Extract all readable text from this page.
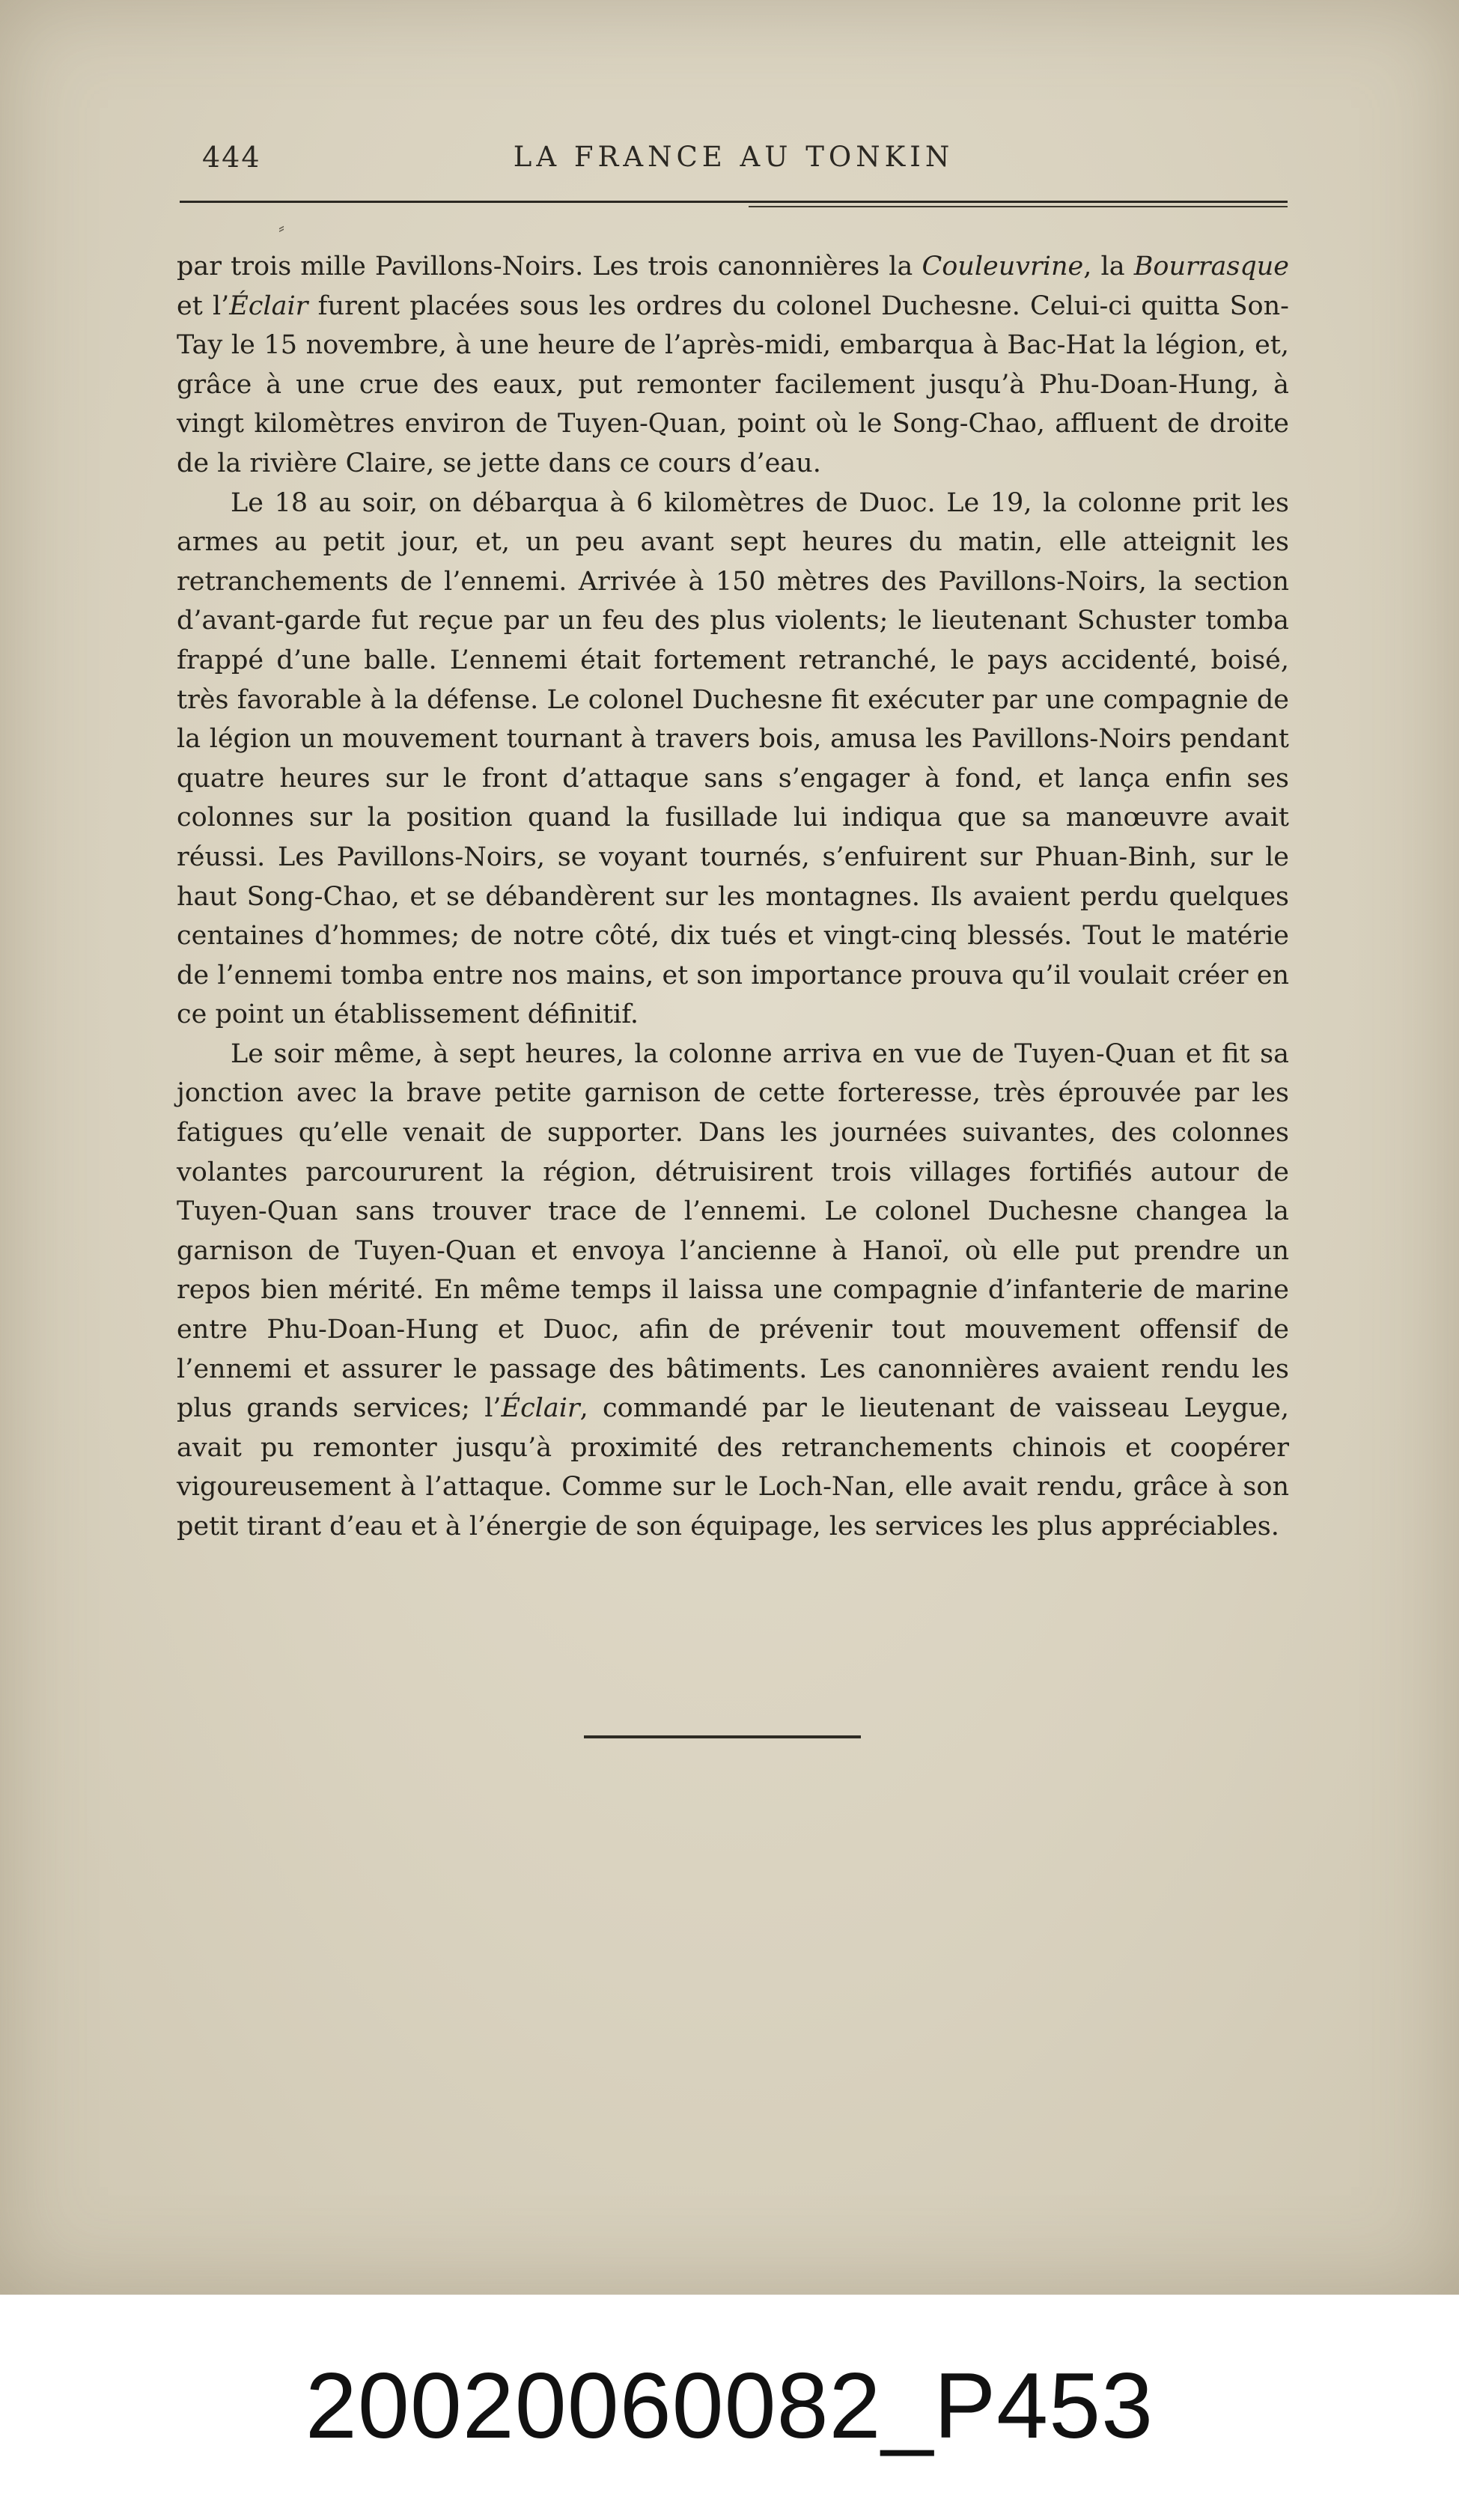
444	LA FRANCE AU TONKIN
⸗

par trois mille Pavillons-Noirs. Les trois canonnières la Couleuvrine, la Bourrasque et l’Éclair furent placées sous les ordres du colonel Duchesne. Celui-ci quitta Son-Tay le 15 novembre, à une heure de l’après-midi, embarqua à Bac-Hat la légion, et, grâce à une crue des eaux, put remonter facilement jusqu’à Phu-Doan-Hung, à vingt kilomètres environ de Tuyen-Quan, point où le Song-Chao, affluent de droite de la rivière Claire, se jette dans ce cours d’eau.

Le 18 au soir, on débarqua à 6 kilomètres de Duoc. Le 19, la colonne prit les armes au petit jour, et, un peu avant sept heures du matin, elle atteignit les retranchements de l’ennemi. Arrivée à 150 mètres des Pavillons-Noirs, la section d’avant-garde fut reçue par un feu des plus violents; le lieutenant Schuster tomba frappé d’une balle. L’ennemi était fortement retranché, le pays accidenté, boisé, très favorable à la défense. Le colonel Duchesne fit exécuter par une compagnie de la légion un mouvement tournant à travers bois, amusa les Pavillons-Noirs pendant quatre heures sur le front d’attaque sans s’engager à fond, et lança enfin ses colonnes sur la position quand la fusillade lui indiqua que sa manœuvre avait réussi. Les Pavillons-Noirs, se voyant tournés, s’enfuirent sur Phuan-Binh, sur le haut Song-Chao, et se débandèrent sur les montagnes. Ils avaient perdu quelques centaines d’hommes; de notre côté, dix tués et vingt-cinq blessés. Tout le matérie de l’ennemi tomba entre nos mains, et son importance prouva qu’il voulait créer en ce point un établissement définitif.

Le soir même, à sept heures, la colonne arriva en vue de Tuyen-Quan et fit sa jonction avec la brave petite garnison de cette forteresse, très éprouvée par les fatigues qu’elle venait de supporter. Dans les journées suivantes, des colonnes volantes parcoururent la région, détruisirent trois villages fortifiés autour de Tuyen-Quan sans trouver trace de l’ennemi. Le colonel Duchesne changea la garnison de Tuyen-Quan et envoya l’ancienne à Hanoï, où elle put prendre un repos bien mérité. En même temps il laissa une compagnie d’infanterie de marine entre Phu-Doan-Hung et Duoc, afin de prévenir tout mouvement offensif de l’ennemi et assurer le passage des bâtiments. Les canonnières avaient rendu les plus grands services; l’Éclair, commandé par le lieutenant de vaisseau Leygue, avait pu remonter jusqu’à proximité des retranchements chinois et coopérer vigoureusement à l’attaque. Comme sur le Loch-Nan, elle avait rendu, grâce à son petit tirant d’eau et à l’énergie de son équipage, les services les plus appréciables.

20020060082_P453
